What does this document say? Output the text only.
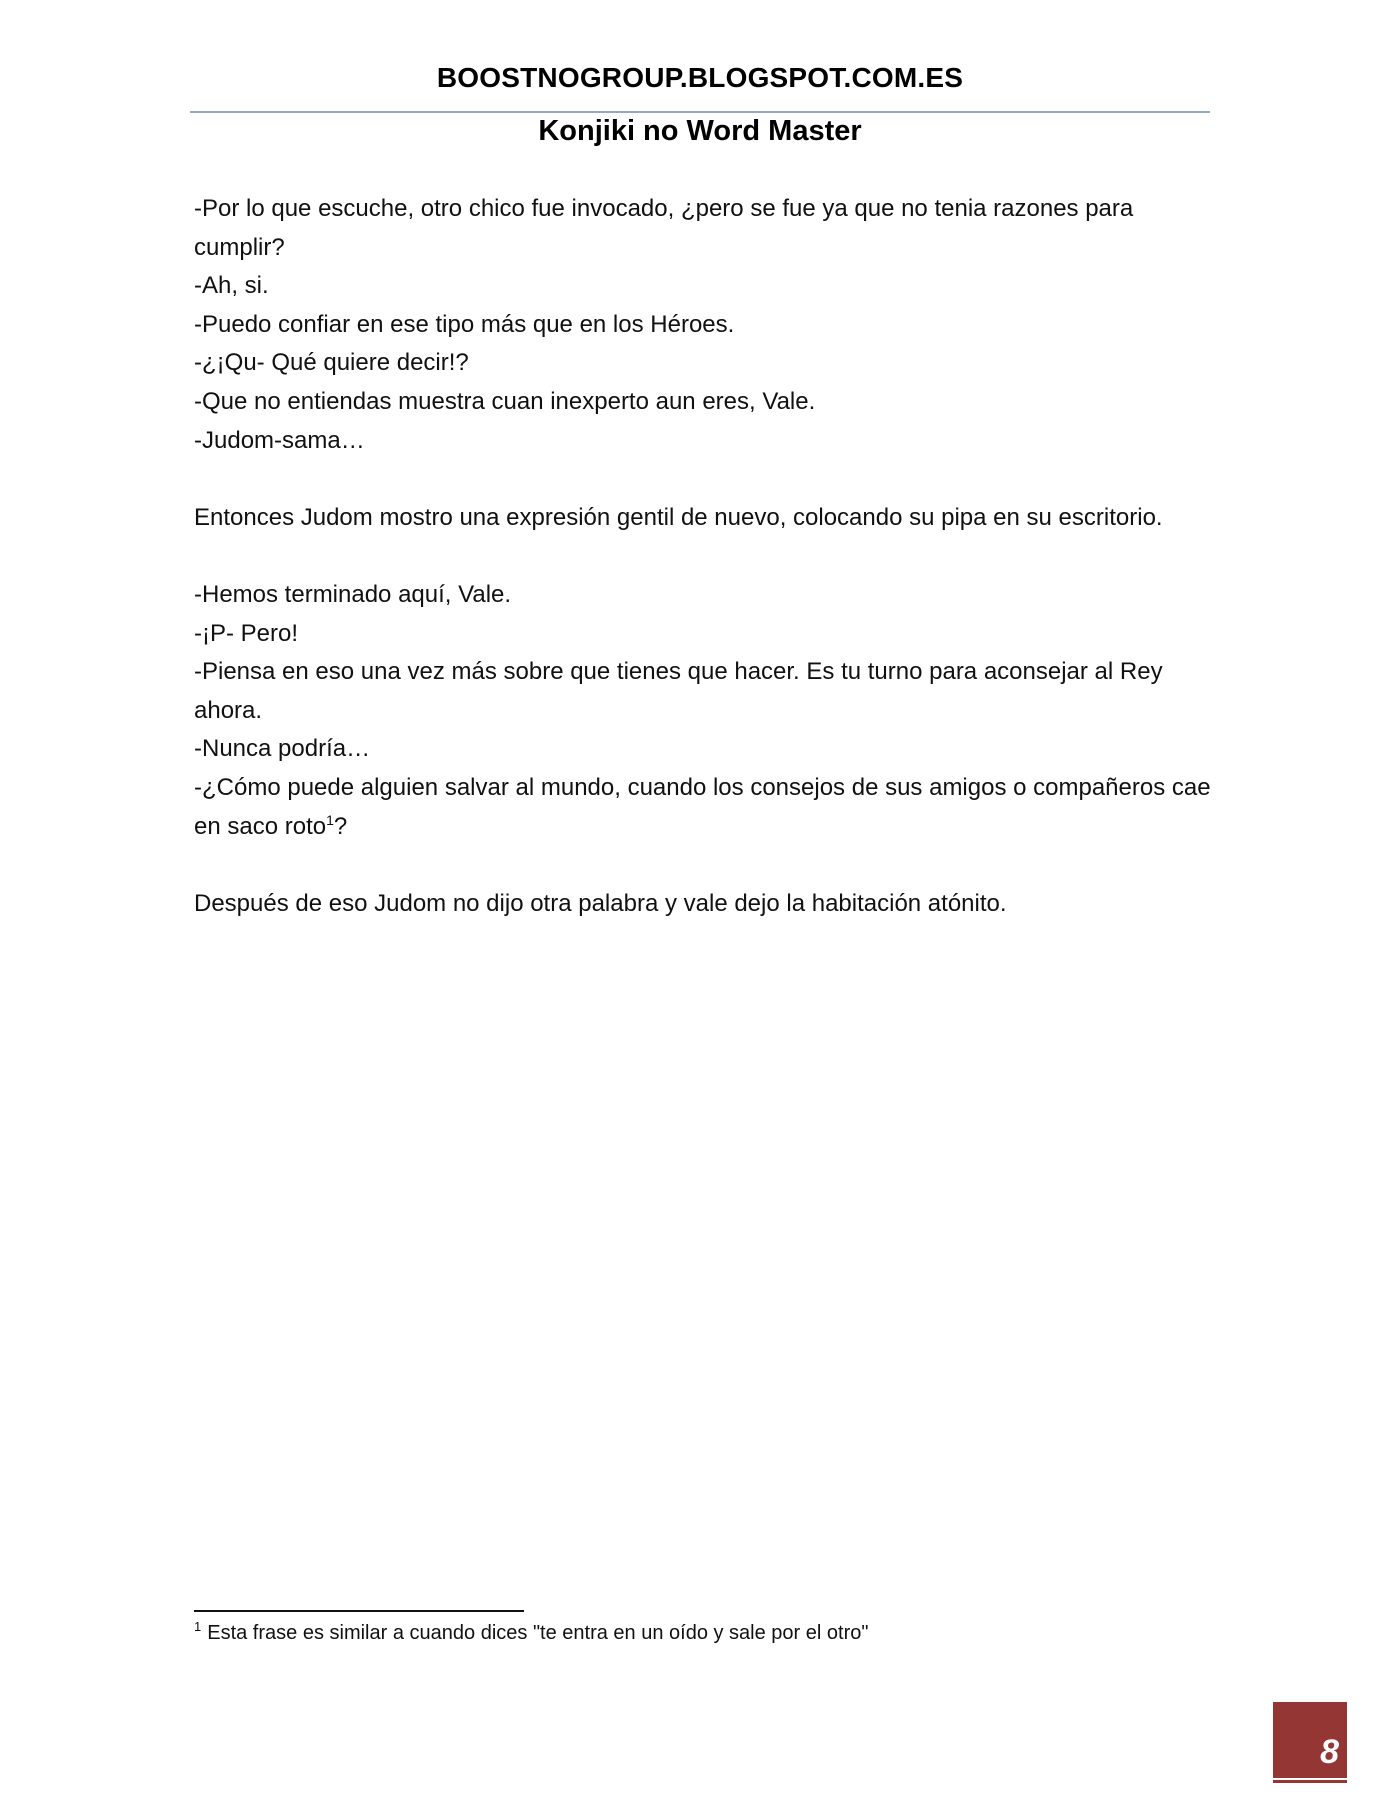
BOOSTNOGROUP.BLOGSPOT.COM.ES
Konjiki no Word Master

-Por lo que escuche, otro chico fue invocado, ¿pero se fue ya que no tenia razones para cumplir?

-Ah, si.

-Puedo confiar en ese tipo más que en los Héroes.

-¿¡Qu- Qué quiere decir!?

-Que no entiendas muestra cuan inexperto aun eres, Vale.

-Judom-sama…

Entonces Judom mostro una expresión gentil de nuevo, colocando su pipa en su escritorio.

-Hemos terminado aquí, Vale.

-¡P- Pero!

-Piensa en eso una vez más sobre que tienes que hacer. Es tu turno para aconsejar al Rey ahora.

-Nunca podría…

-¿Cómo puede alguien salvar al mundo, cuando los consejos de sus amigos o compañeros cae en saco roto$^1$?

Después de eso Judom no dijo otra palabra y vale dejo la habitación atónito.

$^1$ Esta frase es similar a cuando dices "te entra en un oído y sale por el otro"
8
